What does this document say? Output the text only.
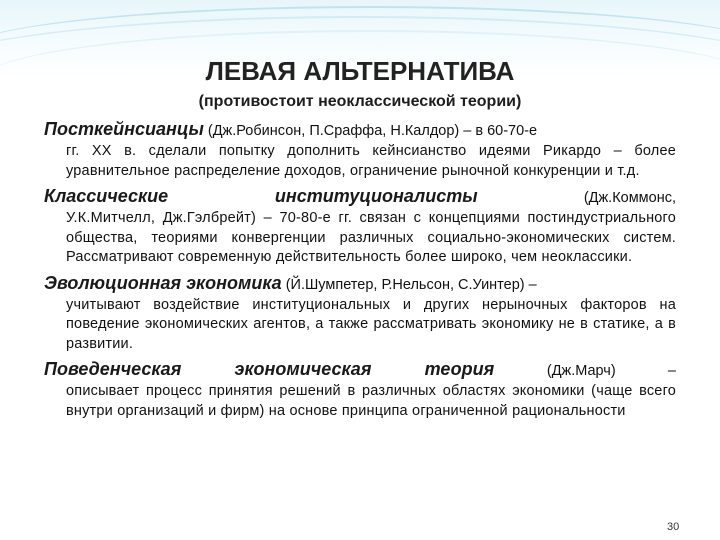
ЛЕВАЯ АЛЬТЕРНАТИВА
(противостоит неоклассической теории)
Посткейнсианцы (Дж.Робинсон, П.Сраффа, Н.Калдор) – в 60-70-е
гг. XX в. сделали попытку дополнить кейнсианство идеями Рикардо – более уравнительное распределение доходов, ограничение рыночной конкуренции и т.д.
Классические институционалисты	(Дж.Коммонс,
У.К.Митчелл, Дж.Гэлбрейт) – 70-80-е гг. связан с концепциями постиндустриального общества, теориями конвергенции различных социально-экономических систем. Рассматривают современную действительность более широко, чем неоклассики.
Эволюционная экономика (Й.Шумпетер, Р.Нельсон, С.Уинтер) –
учитывают воздействие институциональных и других нерыночных факторов на поведение экономических агентов, а также рассматривать экономику не в статике, а в развитии.
Поведенческая экономическая теория	(Дж.Марч) –
описывает процесс принятия решений в различных областях экономики (чаще всего внутри организаций и фирм) на основе принципа ограниченной рациональности
30
